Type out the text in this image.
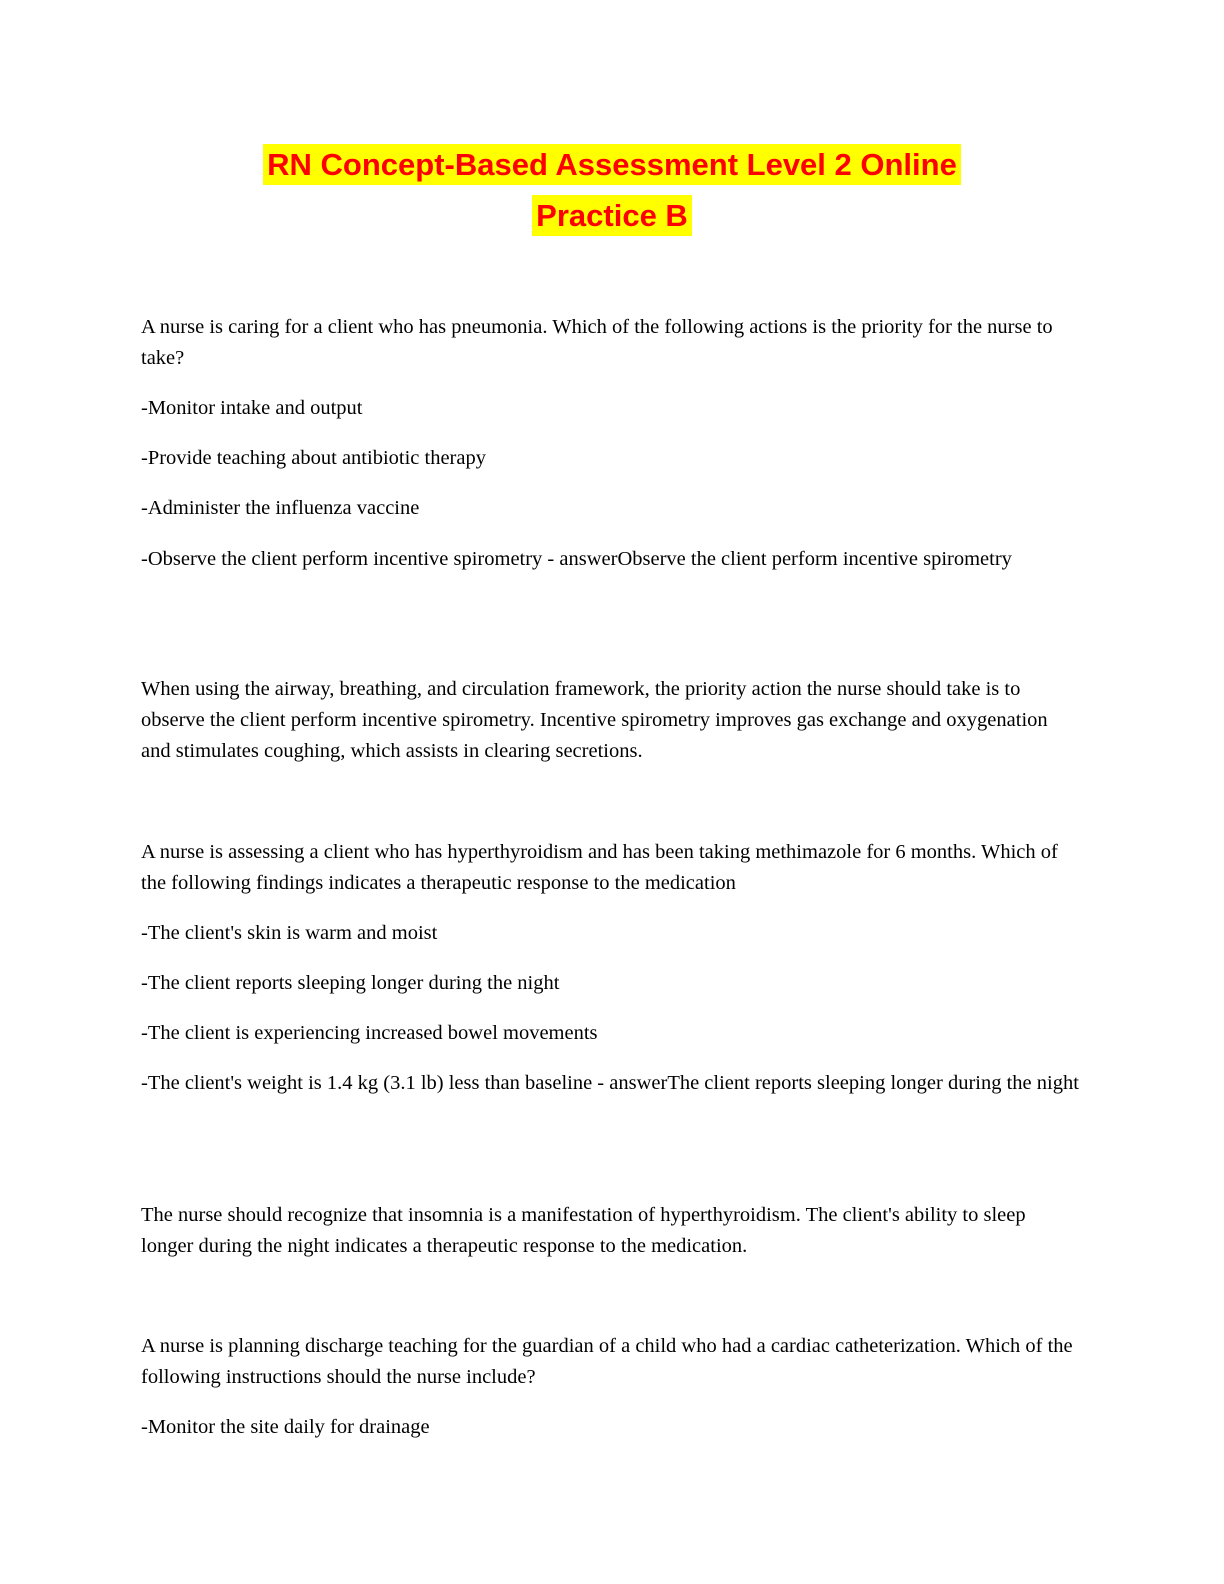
RN Concept-Based Assessment Level 2 Online
Practice B

A nurse is caring for a client who has pneumonia. Which of the following actions is the priority for the nurse to take?

-Monitor intake and output

-Provide teaching about antibiotic therapy

-Administer the influenza vaccine

-Observe the client perform incentive spirometry - answerObserve the client perform incentive spirometry

When using the airway, breathing, and circulation framework, the priority action the nurse should take is to observe the client perform incentive spirometry. Incentive spirometry improves gas exchange and oxygenation and stimulates coughing, which assists in clearing secretions.

A nurse is assessing a client who has hyperthyroidism and has been taking methimazole for 6 months. Which of the following findings indicates a therapeutic response to the medication

-The client's skin is warm and moist

-The client reports sleeping longer during the night

-The client is experiencing increased bowel movements

-The client's weight is 1.4 kg (3.1 lb) less than baseline - answerThe client reports sleeping longer during the night

The nurse should recognize that insomnia is a manifestation of hyperthyroidism. The client's ability to sleep longer during the night indicates a therapeutic response to the medication.

A nurse is planning discharge teaching for the guardian of a child who had a cardiac catheterization. Which of the following instructions should the nurse include?

-Monitor the site daily for drainage
